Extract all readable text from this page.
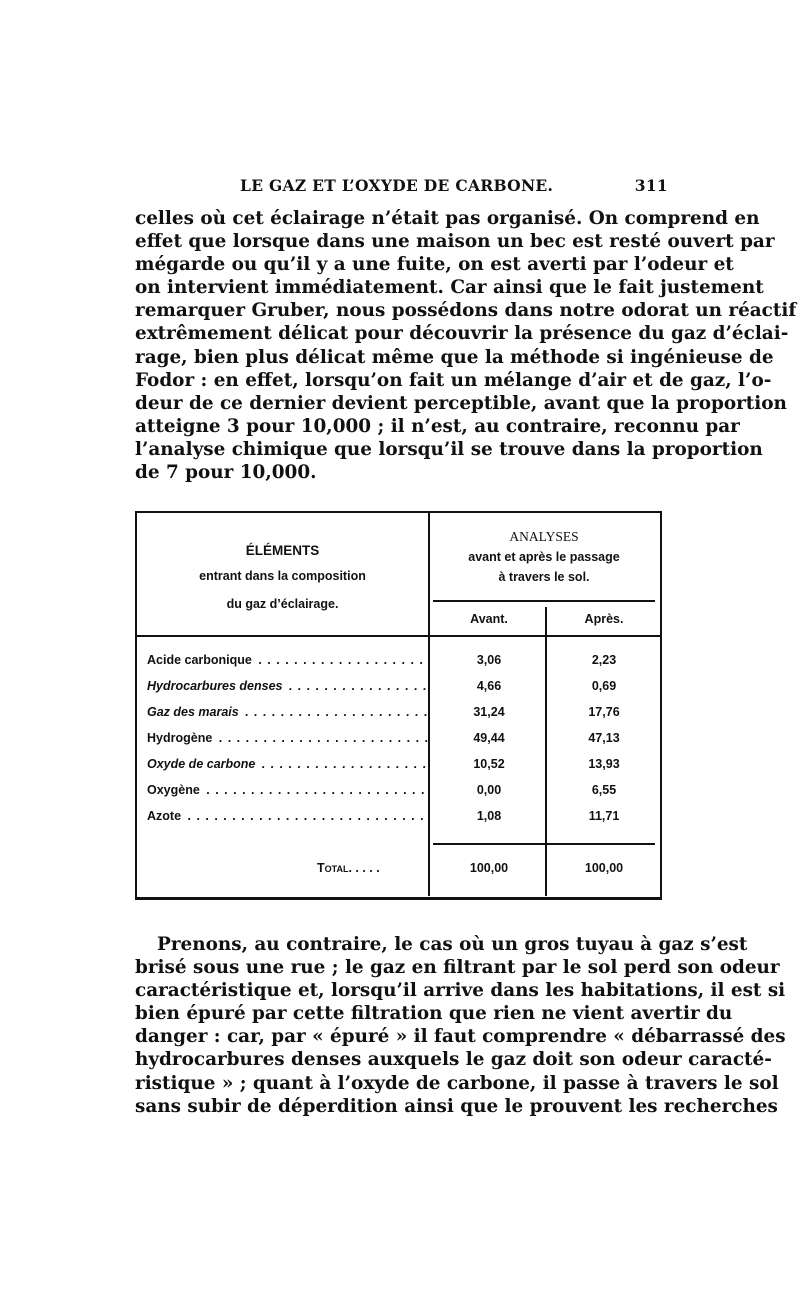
LE GAZ ET L’OXYDE DE CARBONE.	311
celles où cet éclairage n’était pas organisé. On comprend en
effet que lorsque dans une maison un bec est resté ouvert par
mégarde ou qu’il y a une fuite, on est averti par l’odeur et
on intervient immédiatement. Car ainsi que le fait justement
remarquer Gruber, nous possédons dans notre odorat un réactif
extrêmement délicat pour découvrir la présence du gaz d’éclai-
rage, bien plus délicat même que la méthode si ingénieuse de
Fodor : en effet, lorsqu’on fait un mélange d’air et de gaz, l’o-
deur de ce dernier devient perceptible, avant que la proportion
atteigne 3 pour 10,000 ; il n’est, au contraire, reconnu par
l’analyse chimique que lorsqu’il se trouve dans la proportion
de 7 pour 10,000.
ÉLÉMENTS
entrant dans la composition
du gaz d’éclairage.
ANALYSES
avant et après le passage
à travers le sol.
Avant.	Après.
Acide carbonique . . .	3,06	2,23
Hydrocarbures denses . . .	4,66	0,69
Gaz des marais . . .	31,24	17,76
Hydrogène . . .	49,44	47,13
Oxyde de carbone . . .	10,52	13,93
Oxygène . . .	0,00	6,55
Azote . . .	1,08	11,71
Total. . . . .	100,00	100,00
Prenons, au contraire, le cas où un gros tuyau à gaz s’est
brisé sous une rue ; le gaz en filtrant par le sol perd son odeur
caractéristique et, lorsqu’il arrive dans les habitations, il est si
bien épuré par cette filtration que rien ne vient avertir du
danger : car, par « épuré » il faut comprendre « débarrassé des
hydrocarbures denses auxquels le gaz doit son odeur caracté-
ristique » ; quant à l’oxyde de carbone, il passe à travers le sol
sans subir de déperdition ainsi que le prouvent les recherches
